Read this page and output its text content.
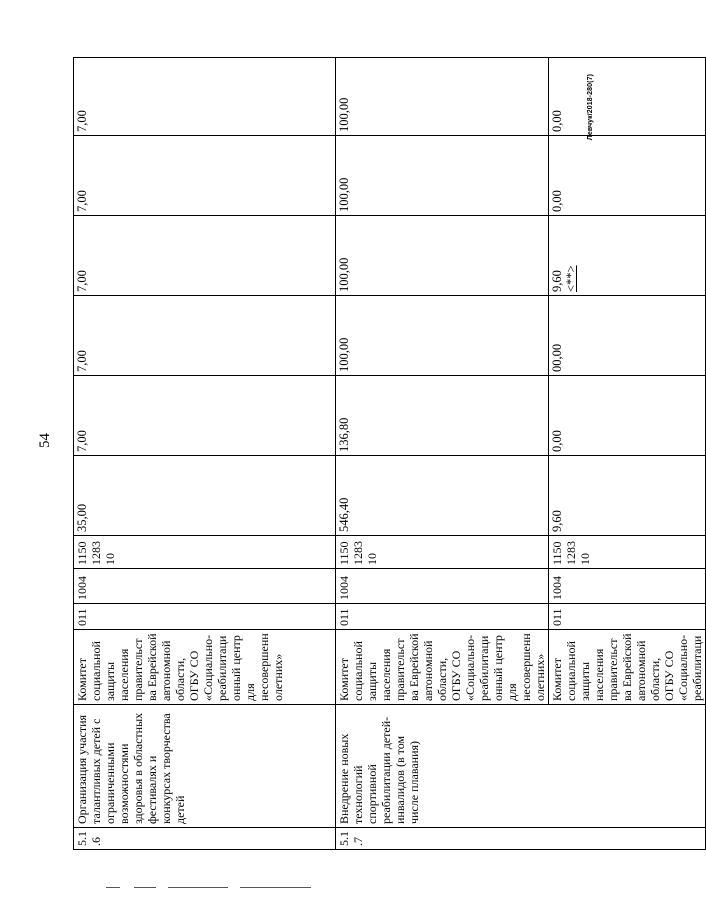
54
Левчук/2018-280(7)
5.1.6	Организация участия талантливых детей с ограниченными возможностями здоровья в областных фестивалях и конкурсах творчества детей	Комитет социальной защиты населения правительства Еврейской автономной области, ОГБУ СО «Социально-реабилитационный центр для несовершеннолетних»	011	1004	1150128310	35,00	7,00	7,00	7,00	7,00	7,00
5.1.7	Внедрение новых технологий спортивной реабилитации детей-инвалидов (в том числе плавания)	Комитет социальной защиты населения правительства Еврейской автономной области, ОГБУ СО «Социально-реабилитационный центр для несовершеннолетних»	011	1004	1150128310	546,40	136,80	100,00	100,00	100,00	100,00
		Комитет социальной защиты населения правительства Еврейской автономной области, ОГБУ СО «Социально-реабилитаци	011	1004	1150128310	9,60	0,00	00,00	9,60 <**>	0,00	0,00
